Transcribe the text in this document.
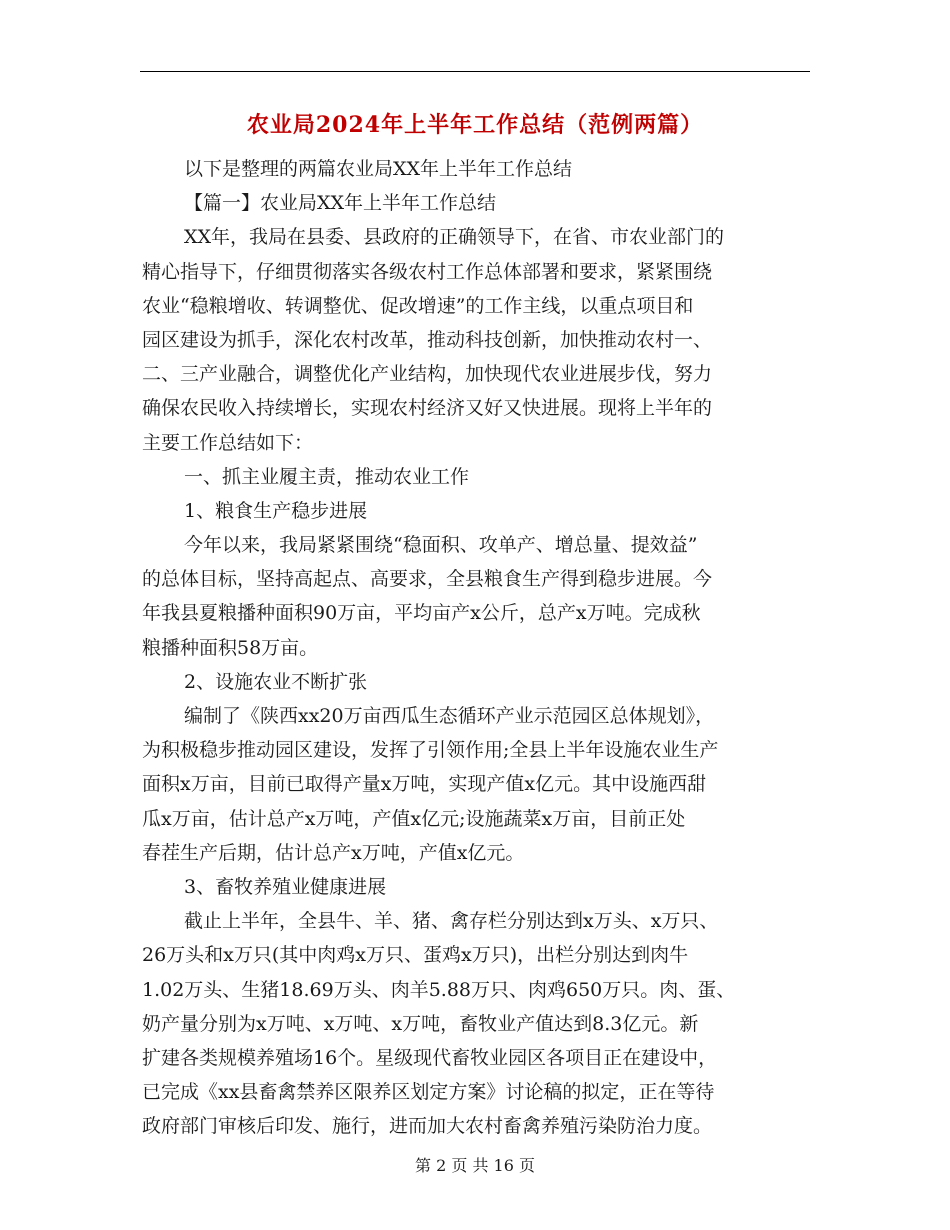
农业局2024年上半年工作总结（范例两篇）
以下是整理的两篇农业局XX年上半年工作总结
【篇一】农业局XX年上半年工作总结
XX年，我局在县委、县政府的正确领导下，在省、市农业部门的
精心指导下，仔细贯彻落实各级农村工作总体部署和要求，紧紧围绕
农业“稳粮增收、转调整优、促改增速”的工作主线，以重点项目和
园区建设为抓手，深化农村改革，推动科技创新，加快推动农村一、
二、三产业融合，调整优化产业结构，加快现代农业进展步伐，努力
确保农民收入持续增长，实现农村经济又好又快进展。现将上半年的
主要工作总结如下：
一、抓主业履主责，推动农业工作
1、粮食生产稳步进展
今年以来，我局紧紧围绕“稳面积、攻单产、增总量、提效益”
的总体目标，坚持高起点、高要求，全县粮食生产得到稳步进展。今
年我县夏粮播种面积90万亩，平均亩产x公斤，总产x万吨。完成秋
粮播种面积58万亩。
2、设施农业不断扩张
编制了《陕西xx20万亩西瓜生态循环产业示范园区总体规划》，
为积极稳步推动园区建设，发挥了引领作用;全县上半年设施农业生产
面积x万亩，目前已取得产量x万吨，实现产值x亿元。其中设施西甜
瓜x万亩，估计总产x万吨，产值x亿元;设施蔬菜x万亩，目前正处
春茬生产后期，估计总产x万吨，产值x亿元。
3、畜牧养殖业健康进展
截止上半年，全县牛、羊、猪、禽存栏分别达到x万头、x万只、
26万头和x万只(其中肉鸡x万只、蛋鸡x万只)，出栏分别达到肉牛
1.02万头、生猪18.69万头、肉羊5.88万只、肉鸡650万只。肉、蛋、
奶产量分别为x万吨、x万吨、x万吨，畜牧业产值达到8.3亿元。新
扩建各类规模养殖场16个。星级现代畜牧业园区各项目正在建设中，
已完成《xx县畜禽禁养区限养区划定方案》讨论稿的拟定，正在等待
政府部门审核后印发、施行，进而加大农村畜禽养殖污染防治力度。
第 2 页 共 16 页
